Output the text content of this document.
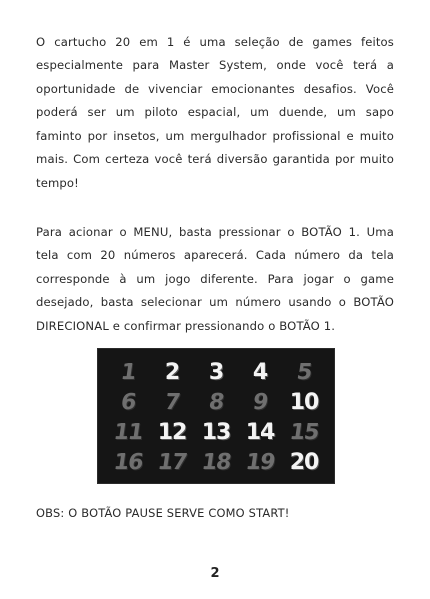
O cartucho 20 em 1 é uma seleção de games feitos especialmente para Master System, onde você terá a oportunidade de vivenciar emocionantes desafios. Você poderá ser um piloto espacial, um duende, um sapo faminto por insetos, um mergulhador profissional e muito mais. Com certeza você terá diversão garantida por muito tempo!

Para acionar o MENU, basta pressionar o BOTÃO 1. Uma tela com 20 números aparecerá. Cada número da tela corresponde à um jogo diferente. Para jogar o game desejado, basta selecionar um número usando o BOTÃO DIRECIONAL e confirmar pressionando o BOTÃO 1.

1	2	3	4	5
6	7	8	9 10
11 12 13 14 15
16 17 18 19 20
OBS: O BOTÃO PAUSE SERVE COMO START!
2
